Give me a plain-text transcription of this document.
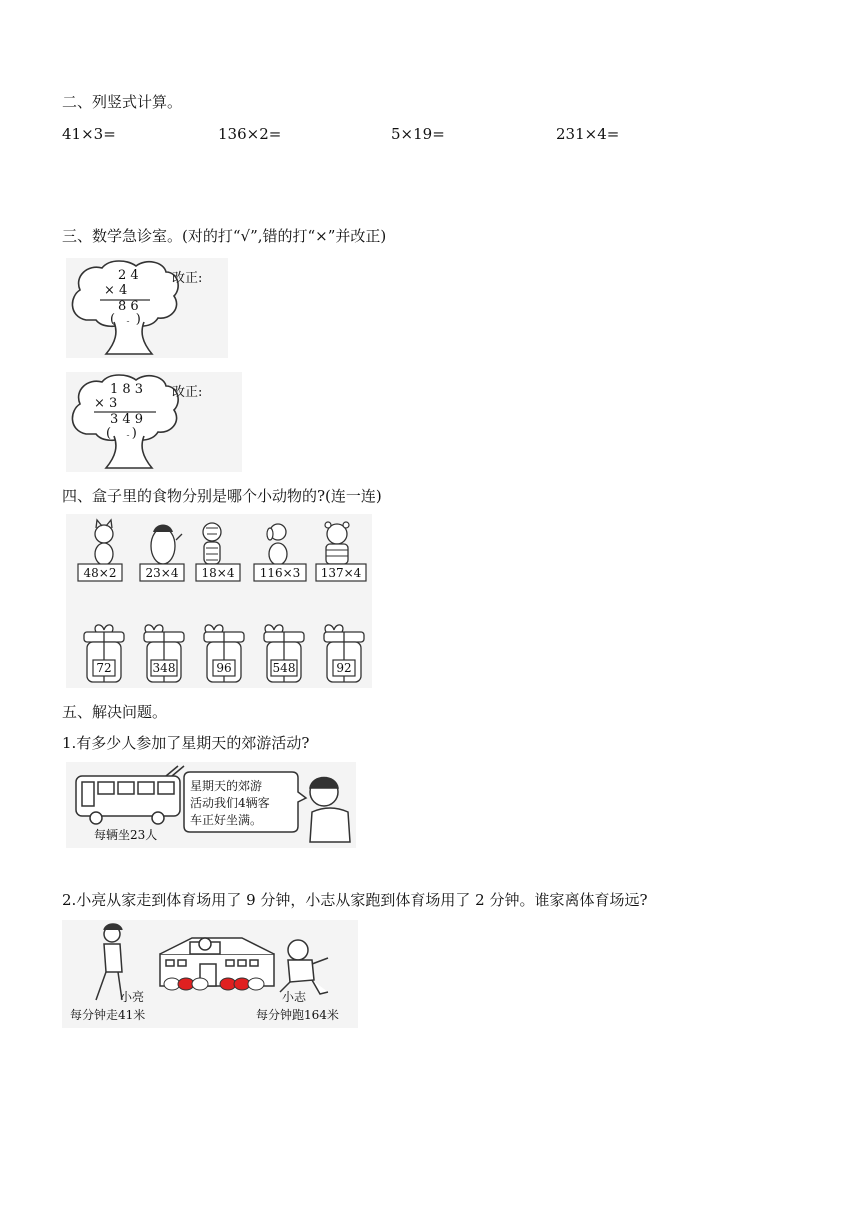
二、列竖式计算。
41×3=	136×2=	5×19=	231×4=
三、数学急诊室。(对的打“√”,错的打“×”并改正)
2 4
× 4
8 6
(     )
改正:
1 8 3
× 3
3 4 9
(     )
改正:
四、盒子里的食物分别是哪个小动物的?(连一连)
48×2	23×4	18×4	116×3	137×4
72	348	96	548	92
五、解决问题。
1.有多少人参加了星期天的郊游活动?
星期天的郊游
活动我们4辆客
车正好坐满。
每辆坐23人
2.小亮从家走到体育场用了 9 分钟，小志从家跑到体育场用了 2 分钟。谁家离体育场远?
小亮
每分钟走41米
小志
每分钟跑164米
